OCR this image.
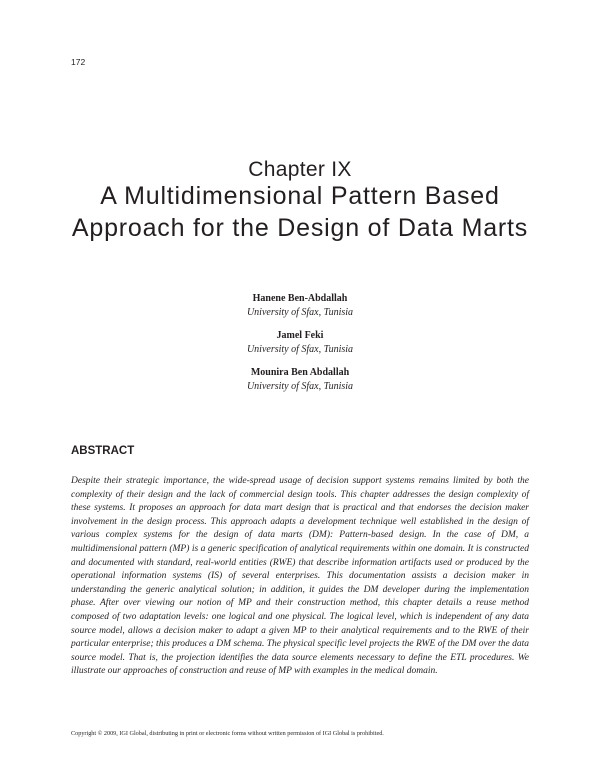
172
Chapter IX
A Multidimensional Pattern Based Approach for the Design of Data Marts
Hanene Ben-Abdallah
University of Sfax, Tunisia
Jamel Feki
University of Sfax, Tunisia
Mounira Ben Abdallah
University of Sfax, Tunisia
ABSTRACT

Despite their strategic importance, the wide-spread usage of decision support systems remains limited by both the complexity of their design and the lack of commercial design tools. This chapter addresses the design complexity of these systems. It proposes an approach for data mart design that is practical and that endorses the decision maker involvement in the design process. This approach adapts a development technique well established in the design of various complex systems for the design of data marts (DM): Pattern-based design. In the case of DM, a multidimensional pattern (MP) is a generic specification of analytical requirements within one domain. It is constructed and documented with standard, real-world entities (RWE) that describe information artifacts used or produced by the operational information systems (IS) of several enterprises. This documentation assists a decision maker in understanding the generic analytical solution; in addition, it guides the DM developer during the implementation phase. After over viewing our notion of MP and their construction method, this chapter details a reuse method composed of two adaptation levels: one logical and one physical. The logical level, which is independent of any data source model, allows a decision maker to adapt a given MP to their analytical requirements and to the RWE of their particular enterprise; this produces a DM schema. The physical specific level projects the RWE of the DM over the data source model. That is, the projection identifies the data source elements necessary to define the ETL procedures. We illustrate our approaches of construction and reuse of MP with examples in the medical domain.

Copyright © 2009, IGI Global, distributing in print or electronic forms without written permission of IGI Global is prohibited.
